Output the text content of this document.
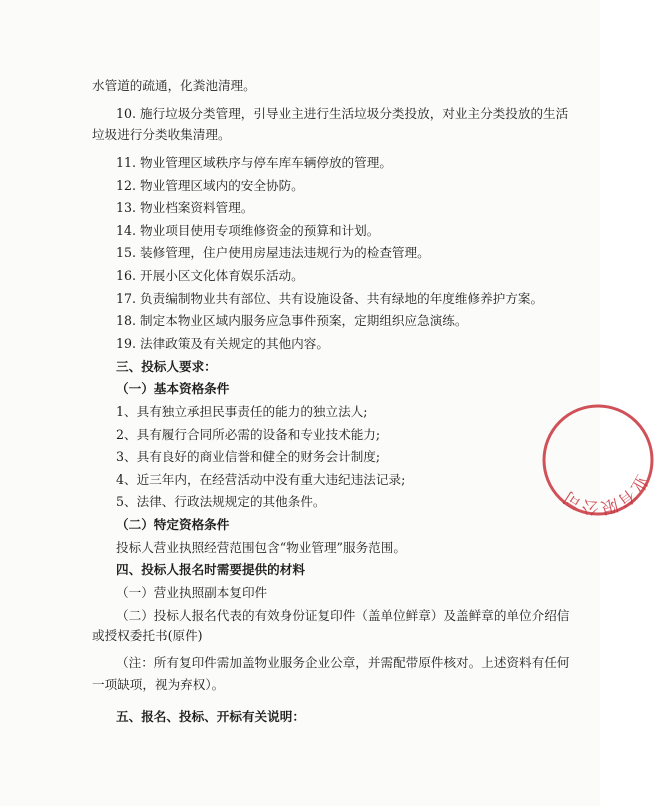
水管道的疏通，化粪池清理。
10. 施行垃圾分类管理，引导业主进行生活垃圾分类投放，对业主分类投放的生活
垃圾进行分类收集清理。
11. 物业管理区域秩序与停车库车辆停放的管理。
12. 物业管理区域内的安全协防。
13. 物业档案资料管理。
14. 物业项目使用专项维修资金的预算和计划。
15. 装修管理，住户使用房屋违法违规行为的检查管理。
16. 开展小区文化体育娱乐活动。
17. 负责编制物业共有部位、共有设施设备、共有绿地的年度维修养护方案。
18. 制定本物业区域内服务应急事件预案，定期组织应急演练。
19. 法律政策及有关规定的其他内容。
三、投标人要求：
（一）基本资格条件
1、具有独立承担民事责任的能力的独立法人;
2、具有履行合同所必需的设备和专业技术能力;
3、具有良好的商业信誉和健全的财务会计制度;
4、近三年内，在经营活动中没有重大违纪违法记录;
5、法律、行政法规规定的其他条件。
（二）特定资格条件
投标人营业执照经营范围包含“物业管理”服务范围。
四、投标人报名时需要提供的材料
（一）营业执照副本复印件
（二）投标人报名代表的有效身份证复印件（盖单位鲜章）及盖鲜章的单位介绍信
或授权委托书(原件)
（注：所有复印件需加盖物业服务企业公章，并需配带原件核对。上述资料有任何
一项缺项，视为弃权）。
五、报名、投标、开标有关说明：
业有限公司
